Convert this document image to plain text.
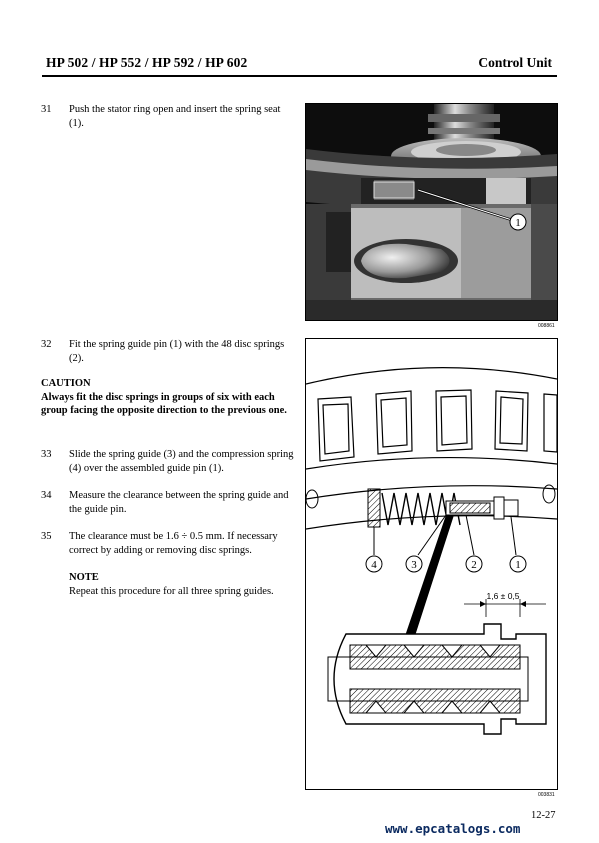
HP 502 / HP 552 / HP 592 / HP 602	Control Unit
31	Push the stator ring open and insert the spring seat (1).
32	Fit the spring guide pin (1) with the 48 disc springs (2).
CAUTION
Always fit the disc springs in groups of six with each group facing the opposite direction to the previous one.
33	Slide the spring guide (3) and the compression spring (4) over the assembled guide pin (1).
34	Measure the clearance between the spring guide and the guide pin.
35	The clearance must be 1.6 ÷ 0.5 mm. If necessary correct by adding or removing disc springs.
NOTE
Repeat this procedure for all three spring guides.
1
008861
4	3	2	1
1,6 ± 0,5
003831
12-27
www.epcatalogs.com
